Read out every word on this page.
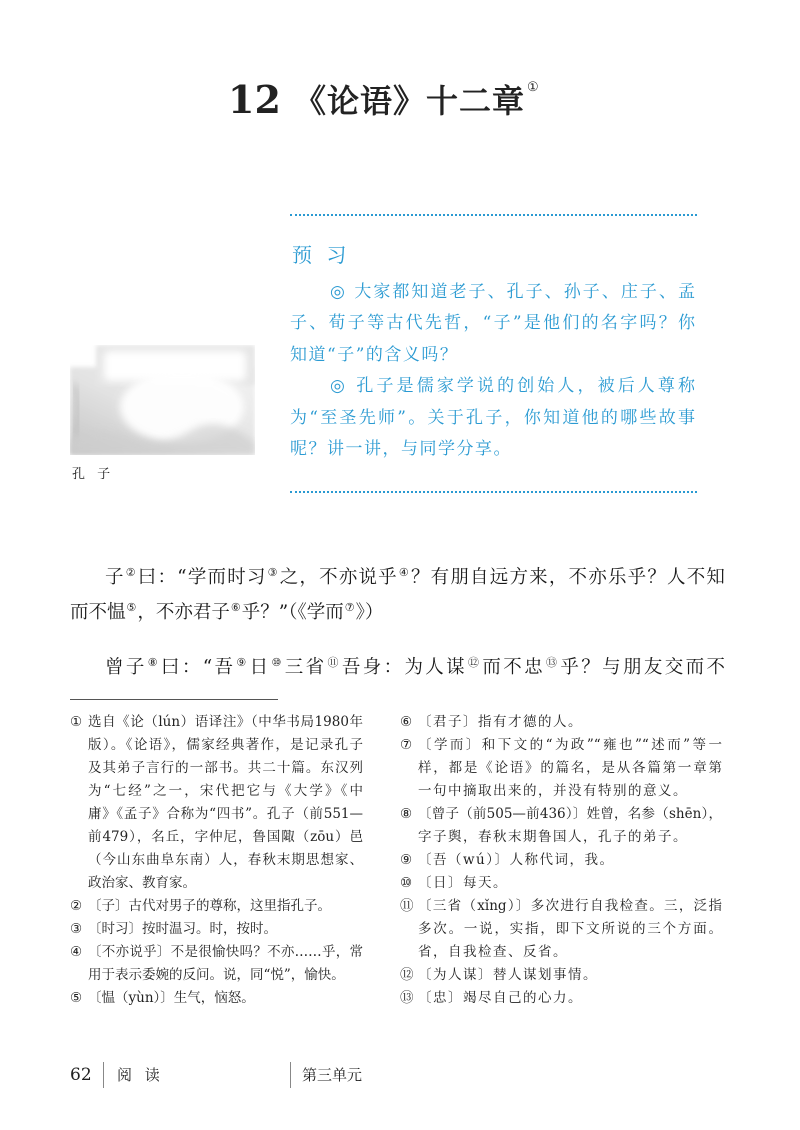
12 《论语》十二章 ①
预 习
◎ 大家都知道老子、孔子、孙子、庄子、孟
子、荀子等古代先哲，“子”是他们的名字吗？你
知道“子”的含义吗？
◎ 孔子是儒家学说的创始人，被后人尊称
为“至圣先师”。关于孔子，你知道他的哪些故事
呢？讲一讲，与同学分享。
孔 子
子②曰：“学而时习③之，不亦说乎④？有朋自远方来，不亦乐乎？人不知
而不愠⑤，不亦君子⑥乎？”（《学而⑦》）
曾子⑧曰：“吾⑨日⑩三省⑪吾身：为人谋⑫而不忠⑬乎？与朋友交而不
① 选自《论（lún）语译注》（中华书局1980年
版）。《论语》，儒家经典著作，是记录孔子
及其弟子言行的一部书。共二十篇。东汉列
为“七经”之一，宋代把它与《大学》《中
庸》《孟子》合称为“四书”。孔子（前551—
前479），名丘，字仲尼，鲁国陬（zōu）邑
（今山东曲阜东南）人，春秋末期思想家、
政治家、教育家。
② 〔子〕古代对男子的尊称，这里指孔子。
③ 〔时习〕按时温习。时，按时。
④ 〔不亦说乎〕不是很愉快吗？不亦……乎，常
用于表示委婉的反问。说，同“悦”，愉快。
⑤ 〔愠（yùn）〕生气，恼怒。
⑥ 〔君子〕指有才德的人。
⑦ 〔学而〕和下文的“为政”“雍也”“述而”等一
样，都是《论语》的篇名，是从各篇第一章第
一句中摘取出来的，并没有特别的意义。
⑧ 〔曾子（前505—前436）〕姓曾，名参（shēn），
字子舆，春秋末期鲁国人，孔子的弟子。
⑨ 〔吾（wú）〕人称代词，我。
⑩ 〔日〕每天。
⑪ 〔三省（xǐng）〕多次进行自我检查。三，泛指
多次。一说，实指，即下文所说的三个方面。
省，自我检查、反省。
⑫ 〔为人谋〕替人谋划事情。
⑬ 〔忠〕竭尽自己的心力。
62 阅 读	第三单元
